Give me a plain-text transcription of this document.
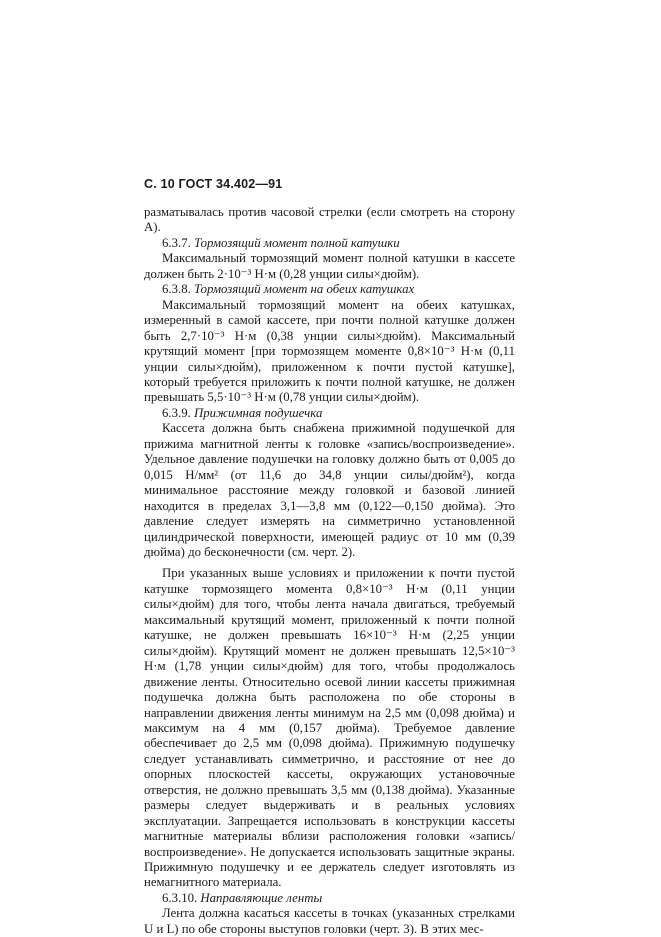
С. 10 ГОСТ 34.402—91

разматывалась против часовой стрелки (если смотреть на сторону A).

6.3.7. Тормозящий момент полной катушки

Максимальный тормозящий момент полной катушки в кассете должен быть 2·10⁻³ Н·м (0,28 унции силы×дюйм).

6.3.8. Тормозящий момент на обеих катушках

Максимальный тормозящий момент на обеих катушках, измеренный в самой кассете, при почти полной катушке должен быть 2,7·10⁻³ Н·м (0,38 унции силы×дюйм). Максимальный крутящий момент [при тормозящем моменте 0,8×10⁻³ Н·м (0,11 унции силы×дюйм), приложенном к почти пустой катушке], который требуется приложить к почти полной катушке, не должен превышать 5,5·10⁻³ Н·м (0,78 унции силы×дюйм).

6.3.9. Прижимная подушечка

Кассета должна быть снабжена прижимной подушечкой для прижима магнитной ленты к головке «запись/воспроизведение». Удельное давление подушечки на головку должно быть от 0,005 до 0,015 Н/мм² (от 11,6 до 34,8 унции силы/дюйм²), когда минимальное расстояние между головкой и базовой линией находится в пределах 3,1—3,8 мм (0,122—0,150 дюйма). Это давление следует измерять на симметрично установленной цилиндрической поверхности, имеющей радиус от 10 мм (0,39 дюйма) до бесконечности (см. черт. 2).

При указанных выше условиях и приложении к почти пустой катушке тормозящего момента 0,8×10⁻³ Н·м (0,11 унции силы×дюйм) для того, чтобы лента начала двигаться, требуемый максимальный крутящий момент, приложенный к почти полной катушке, не должен превышать 16×10⁻³ Н·м (2,25 унции силы×дюйм). Крутящий момент не должен превышать 12,5×10⁻³ Н·м (1,78 унции силы×дюйм) для того, чтобы продолжалось движение ленты. Относительно осевой линии кассеты прижимная подушечка должна быть расположена по обе стороны в направлении движения ленты минимум на 2,5 мм (0,098 дюйма) и максимум на 4 мм (0,157 дюйма). Требуемое давление обеспечивает до 2,5 мм (0,098 дюйма). Прижимную подушечку следует устанавливать симметрично, и расстояние от нее до опорных плоскостей кассеты, окружающих установочные отверстия, не должно превышать 3,5 мм (0,138 дюйма). Указанные размеры следует выдерживать и в реальных условиях эксплуатации. Запрещается использовать в конструкции кассеты магнитные материалы вблизи расположения головки «запись/воспроизведение». Не допускается использовать защитные экраны. Прижимную подушечку и ее держатель следует изготовлять из немагнитного материала.

6.3.10. Направляющие ленты

Лента должна касаться кассеты в точках (указанных стрелками U и L) по обе стороны выступов головки (черт. 3). В этих мес-
